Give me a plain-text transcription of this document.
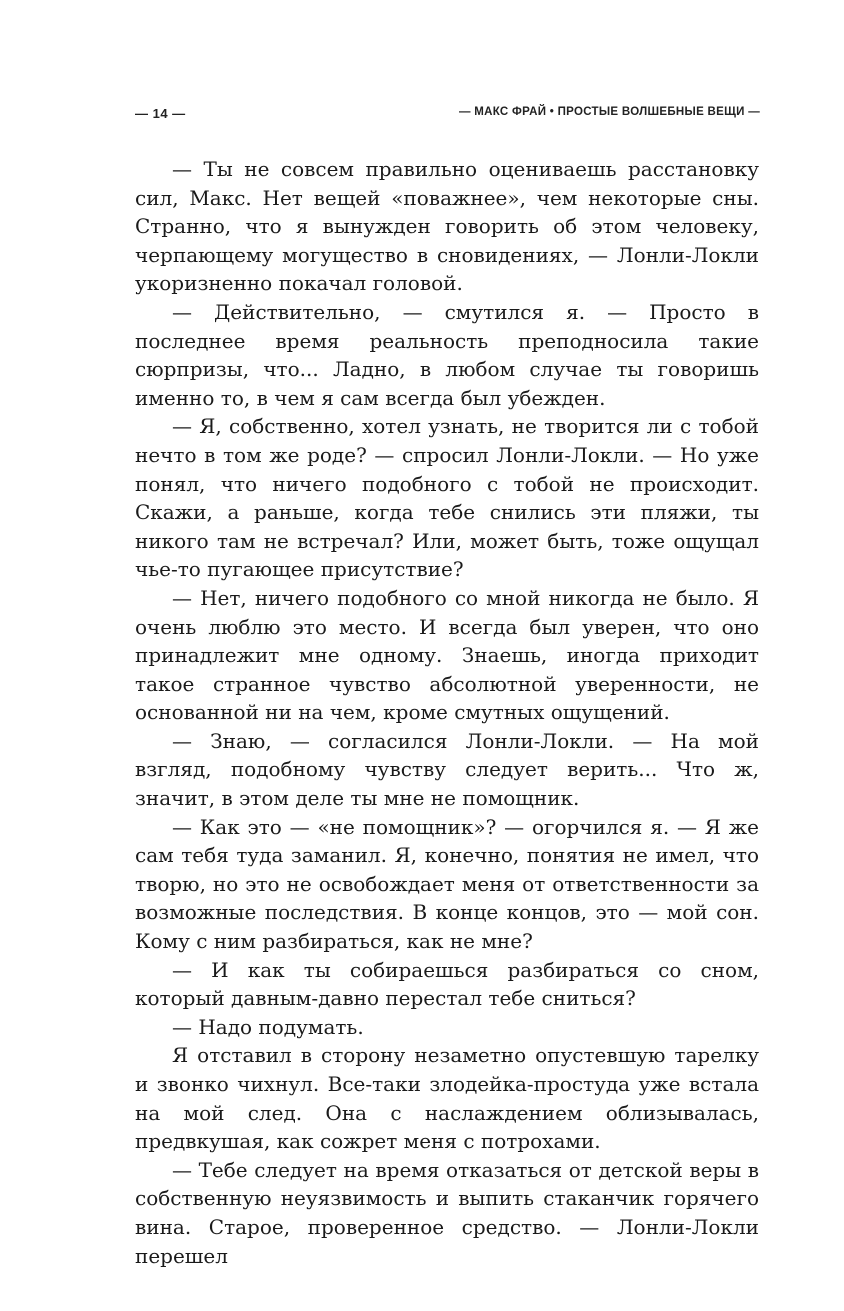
— 14 —	— МАКС ФРАЙ • ПРОСТЫЕ ВОЛШЕБНЫЕ ВЕЩИ —

— Ты не совсем правильно оцениваешь расстановку сил, Макс. Нет вещей «поважнее», чем некоторые сны. Странно, что я вынужден говорить об этом человеку, черпающему могущество в сновидениях, — Лонли-Локли укоризненно покачал головой.

— Действительно, — смутился я. — Просто в последнее время реальность преподносила такие сюрпризы, что... Ладно, в любом случае ты говоришь именно то, в чем я сам всегда был убежден.

— Я, собственно, хотел узнать, не творится ли с тобой нечто в том же роде? — спросил Лонли-Локли. — Но уже понял, что ничего подобного с тобой не происходит. Скажи, а раньше, когда тебе снились эти пляжи, ты никого там не встречал? Или, может быть, тоже ощущал чье-то пугающее присутствие?

— Нет, ничего подобного со мной никогда не было. Я очень люблю это место. И всегда был уверен, что оно принадлежит мне одному. Знаешь, иногда приходит такое странное чувство абсолютной уверенности, не основанной ни на чем, кроме смутных ощущений.

— Знаю, — согласился Лонли-Локли. — На мой взгляд, подобному чувству следует верить... Что ж, значит, в этом деле ты мне не помощник.

— Как это — «не помощник»? — огорчился я. — Я же сам тебя туда заманил. Я, конечно, понятия не имел, что творю, но это не освобождает меня от ответственности за возможные последствия. В конце концов, это — мой сон. Кому с ним разбираться, как не мне?

— И как ты собираешься разбираться со сном, который давным-давно перестал тебе сниться?

— Надо подумать.

Я отставил в сторону незаметно опустевшую тарелку и звонко чихнул. Все-таки злодейка-простуда уже встала на мой след. Она с наслаждением облизывалась, предвкушая, как сожрет меня с потрохами.

— Тебе следует на время отказаться от детской веры в собственную неуязвимость и выпить стаканчик горячего вина. Старое, проверенное средство. — Лонли-Локли перешел
